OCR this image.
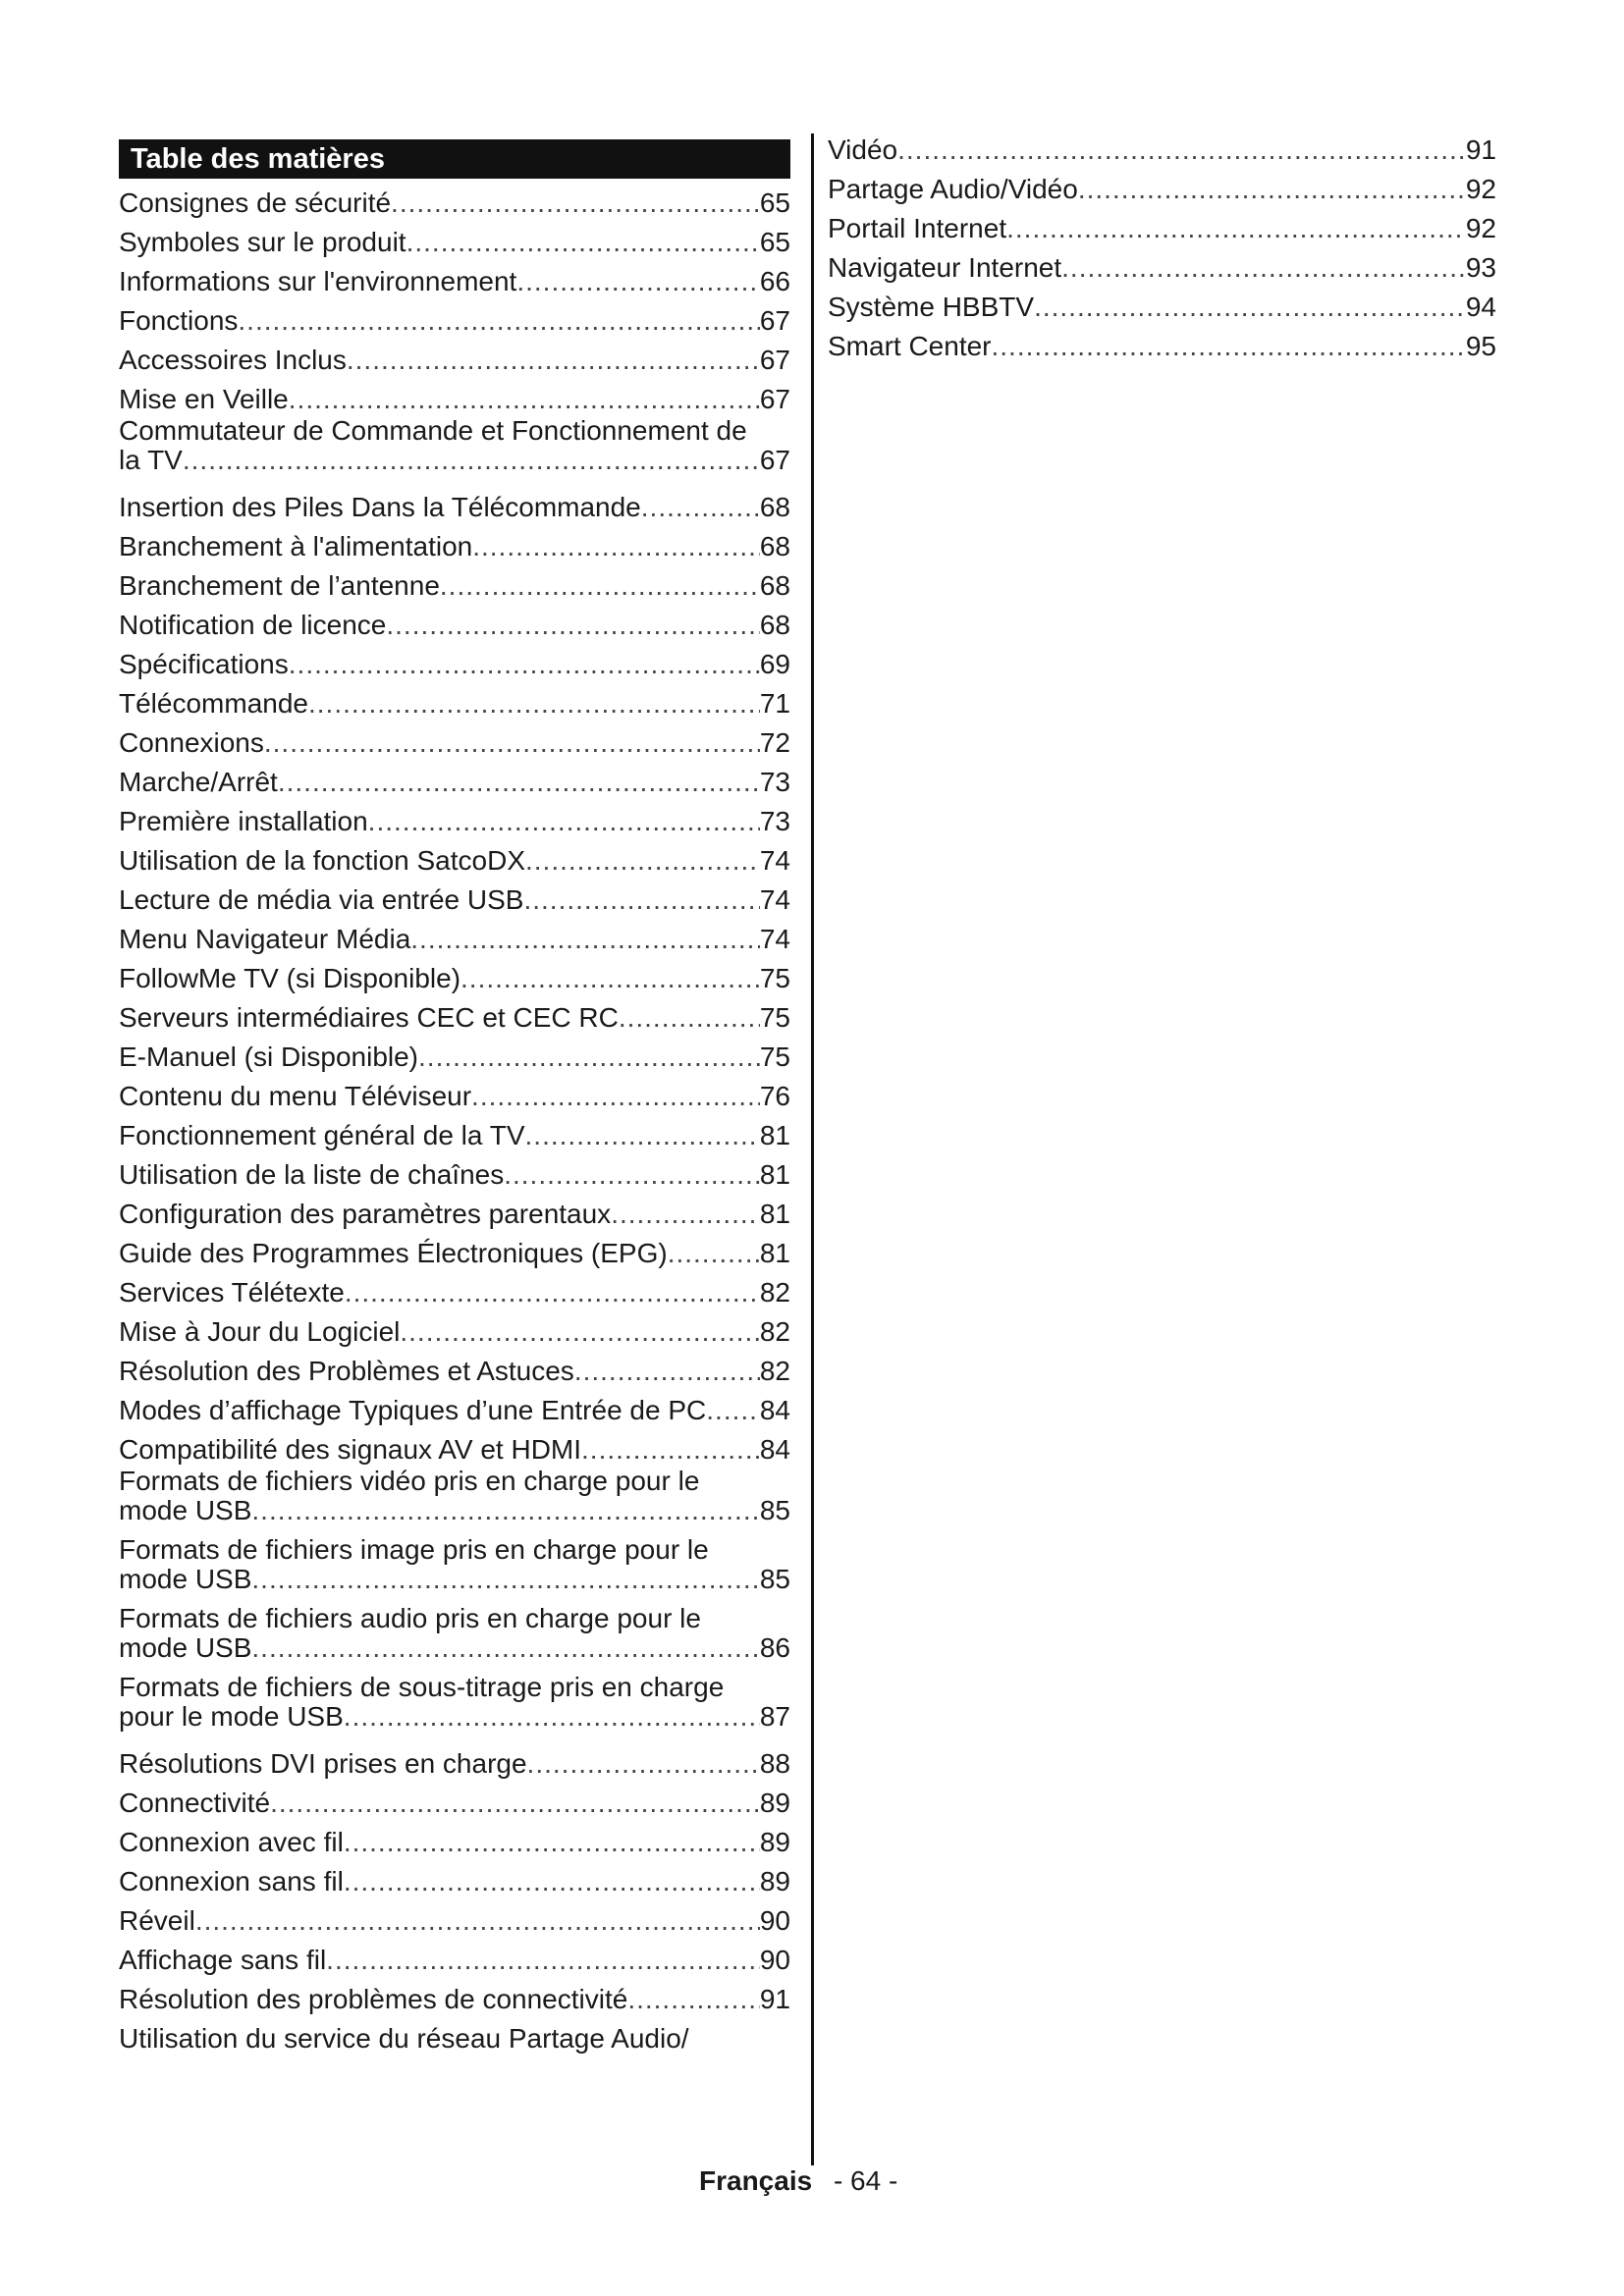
Table des matières
Consignes de sécurité .....	65
Symboles sur le produit .....	65
Informations sur l'environnement .....	66
Fonctions .....	67
Accessoires Inclus .....	67
Mise en Veille .....	67
Commutateur de Commande et Fonctionnement de
la TV .....	67
Insertion des Piles Dans la Télécommande .....	68
Branchement à l'alimentation .....	68
Branchement de l’antenne .....	68
Notification de licence .....	68
Spécifications .....	69
Télécommande .....	71
Connexions .....	72
Marche/Arrêt .....	73
Première installation .....	73
Utilisation de la fonction SatcoDX .....	74
Lecture de média via entrée USB .....	74
Menu Navigateur Média .....	74
FollowMe TV (si Disponible) .....	75
Serveurs intermédiaires CEC et CEC RC .....	75
E-Manuel (si Disponible) .....	75
Contenu du menu Téléviseur .....	76
Fonctionnement général de la TV .....	81
Utilisation de la liste de chaînes .....	81
Configuration des paramètres parentaux .....	81
Guide des Programmes Électroniques (EPG) .....	81
Services Télétexte .....	82
Mise à Jour du Logiciel .....	82
Résolution des Problèmes et Astuces .....	82
Modes d’affichage Typiques d’une Entrée de PC ..... 84
Compatibilité des signaux AV et HDMI .....	84
Formats de fichiers vidéo pris en charge pour le
mode USB .....	85
Formats de fichiers image pris en charge pour le
mode USB .....	85
Formats de fichiers audio pris en charge pour le
mode USB .....	86
Formats de fichiers de sous-titrage pris en charge
pour le mode USB .....	87
Résolutions DVI prises en charge .....	88
Connectivité .....	89
Connexion avec fil .....	89
Connexion sans fil .....	89
Réveil .....	90
Affichage sans fil .....	90
Résolution des problèmes de connectivité .....	91
Utilisation du service du réseau Partage Audio/
Vidéo .....	91
Partage Audio/Vidéo .....	92
Portail Internet .....	92
Navigateur Internet .....	93
Système HBBTV .....	94
Smart Center .....	95
Français - 64 -
